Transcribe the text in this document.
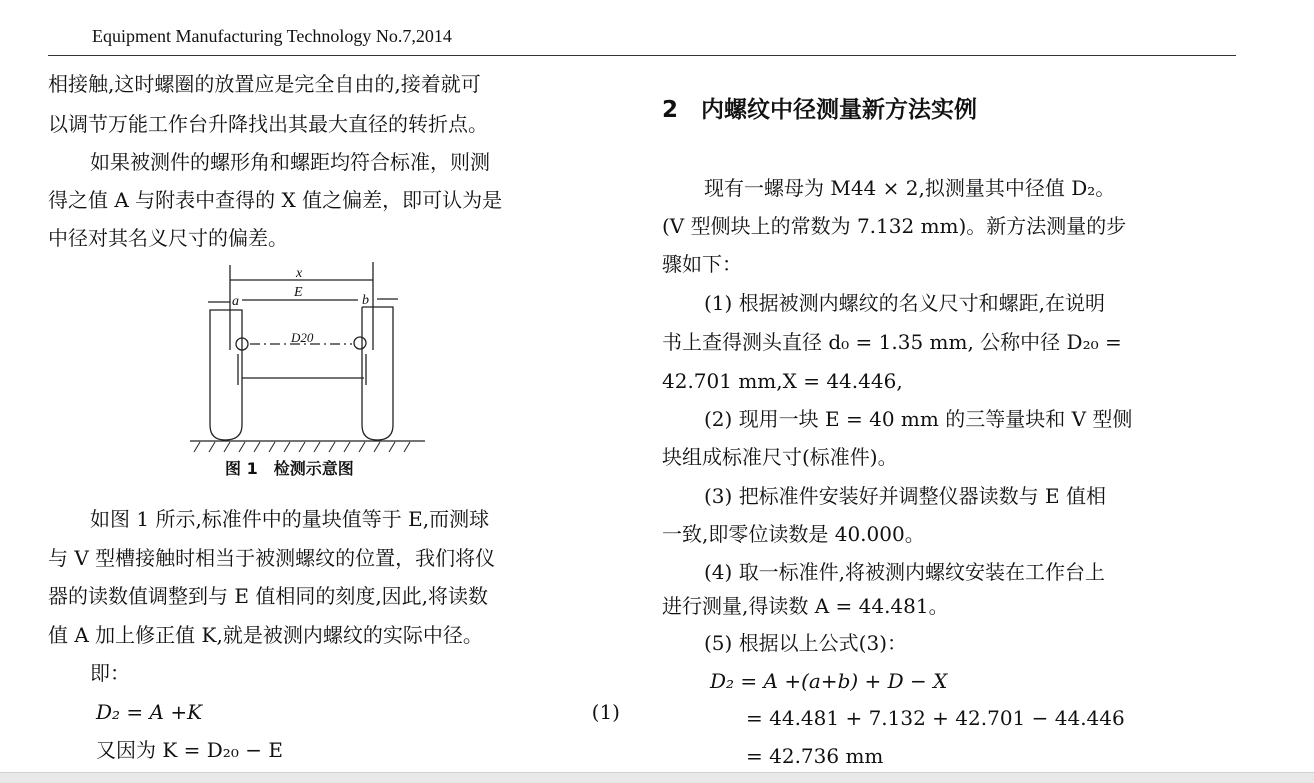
Equipment Manufacturing Technology No.7,2014
相接触,这时螺圈的放置应是完全自由的,接着就可
以调节万能工作台升降找出其最大直径的转折点。
如果被测件的螺形角和螺距均符合标准，则测
得之值 A 与附表中查得的 X 值之偏差，即可认为是
中径对其名义尺寸的偏差。
x
E
a	b
D20
图 1　检测示意图
如图 1 所示,标准件中的量块值等于 E,而测球
与 V 型槽接触时相当于被测螺纹的位置，我们将仪
器的读数值调整到与 E 值相同的刻度,因此,将读数
值 A 加上修正值 K,就是被测内螺纹的实际中径。
即：
D₂ = A +K	(1)
又因为 K = D₂₀ − E
2　内螺纹中径测量新方法实例
现有一螺母为 M44 × 2,拟测量其中径值 D₂。
(V 型侧块上的常数为 7.132 mm)。新方法测量的步
骤如下：
(1) 根据被测内螺纹的名义尺寸和螺距,在说明
书上查得测头直径 d₀ = 1.35 mm, 公称中径 D₂₀ =
42.701 mm,X = 44.446,
(2) 现用一块 E = 40 mm 的三等量块和 V 型侧
块组成标准尺寸(标准件)。
(3) 把标准件安装好并调整仪器读数与 E 值相
一致,即零位读数是 40.000。
(4) 取一标准件,将被测内螺纹安装在工作台上
进行测量,得读数 A = 44.481。
(5) 根据以上公式(3)：
D₂ = A +(a+b) + D − X
= 44.481 + 7.132 + 42.701 − 44.446
= 42.736 mm
